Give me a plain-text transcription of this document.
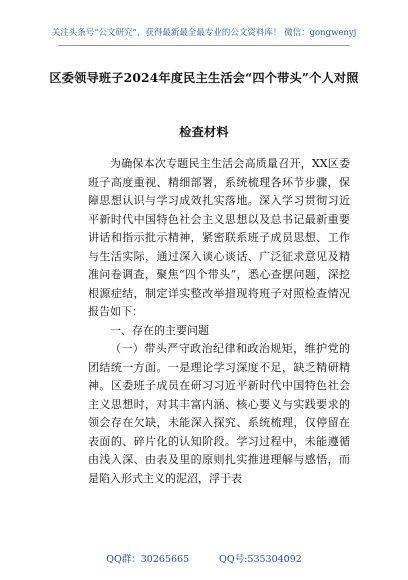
关注头条号“公文研究”，获得最新最全最专业的公文资料库！ 微信：gongwenyj
区委领导班子2024年度民主生活会“四个带头”个人对照
检查材料

为确保本次专题民主生活会高质量召开，XX区委班子高度重视、精细部署，系统梳理各环节步骤，保障思想认识与学习成效扎实落地。深入学习贯彻习近平新时代中国特色社会主义思想以及总书记最新重要讲话和指示批示精神，紧密联系班子成员思想、工作与生活实际，通过深入谈心谈话、广泛征求意见及精准问卷调查，聚焦“四个带头”，悉心查摆问题，深挖根源症结，制定详实整改举措现将班子对照检查情况报告如下：

一、存在的主要问题

（一）带头严守政治纪律和政治规矩，维护党的团结统一方面。一是理论学习深度不足，缺乏精研精神。区委班子成员在研习习近平新时代中国特色社会主义思想时，对其丰富内涵、核心要义与实践要求的领会存在欠缺，未能深入探究、系统梳理，仅停留在表面的、碎片化的认知阶段。学习过程中，未能遵循由浅入深、由表及里的原则扎实推进理解与感悟，而是陷入形式主义的泥沼，浮于表

QQ群：30265665	QQ号:535304092
